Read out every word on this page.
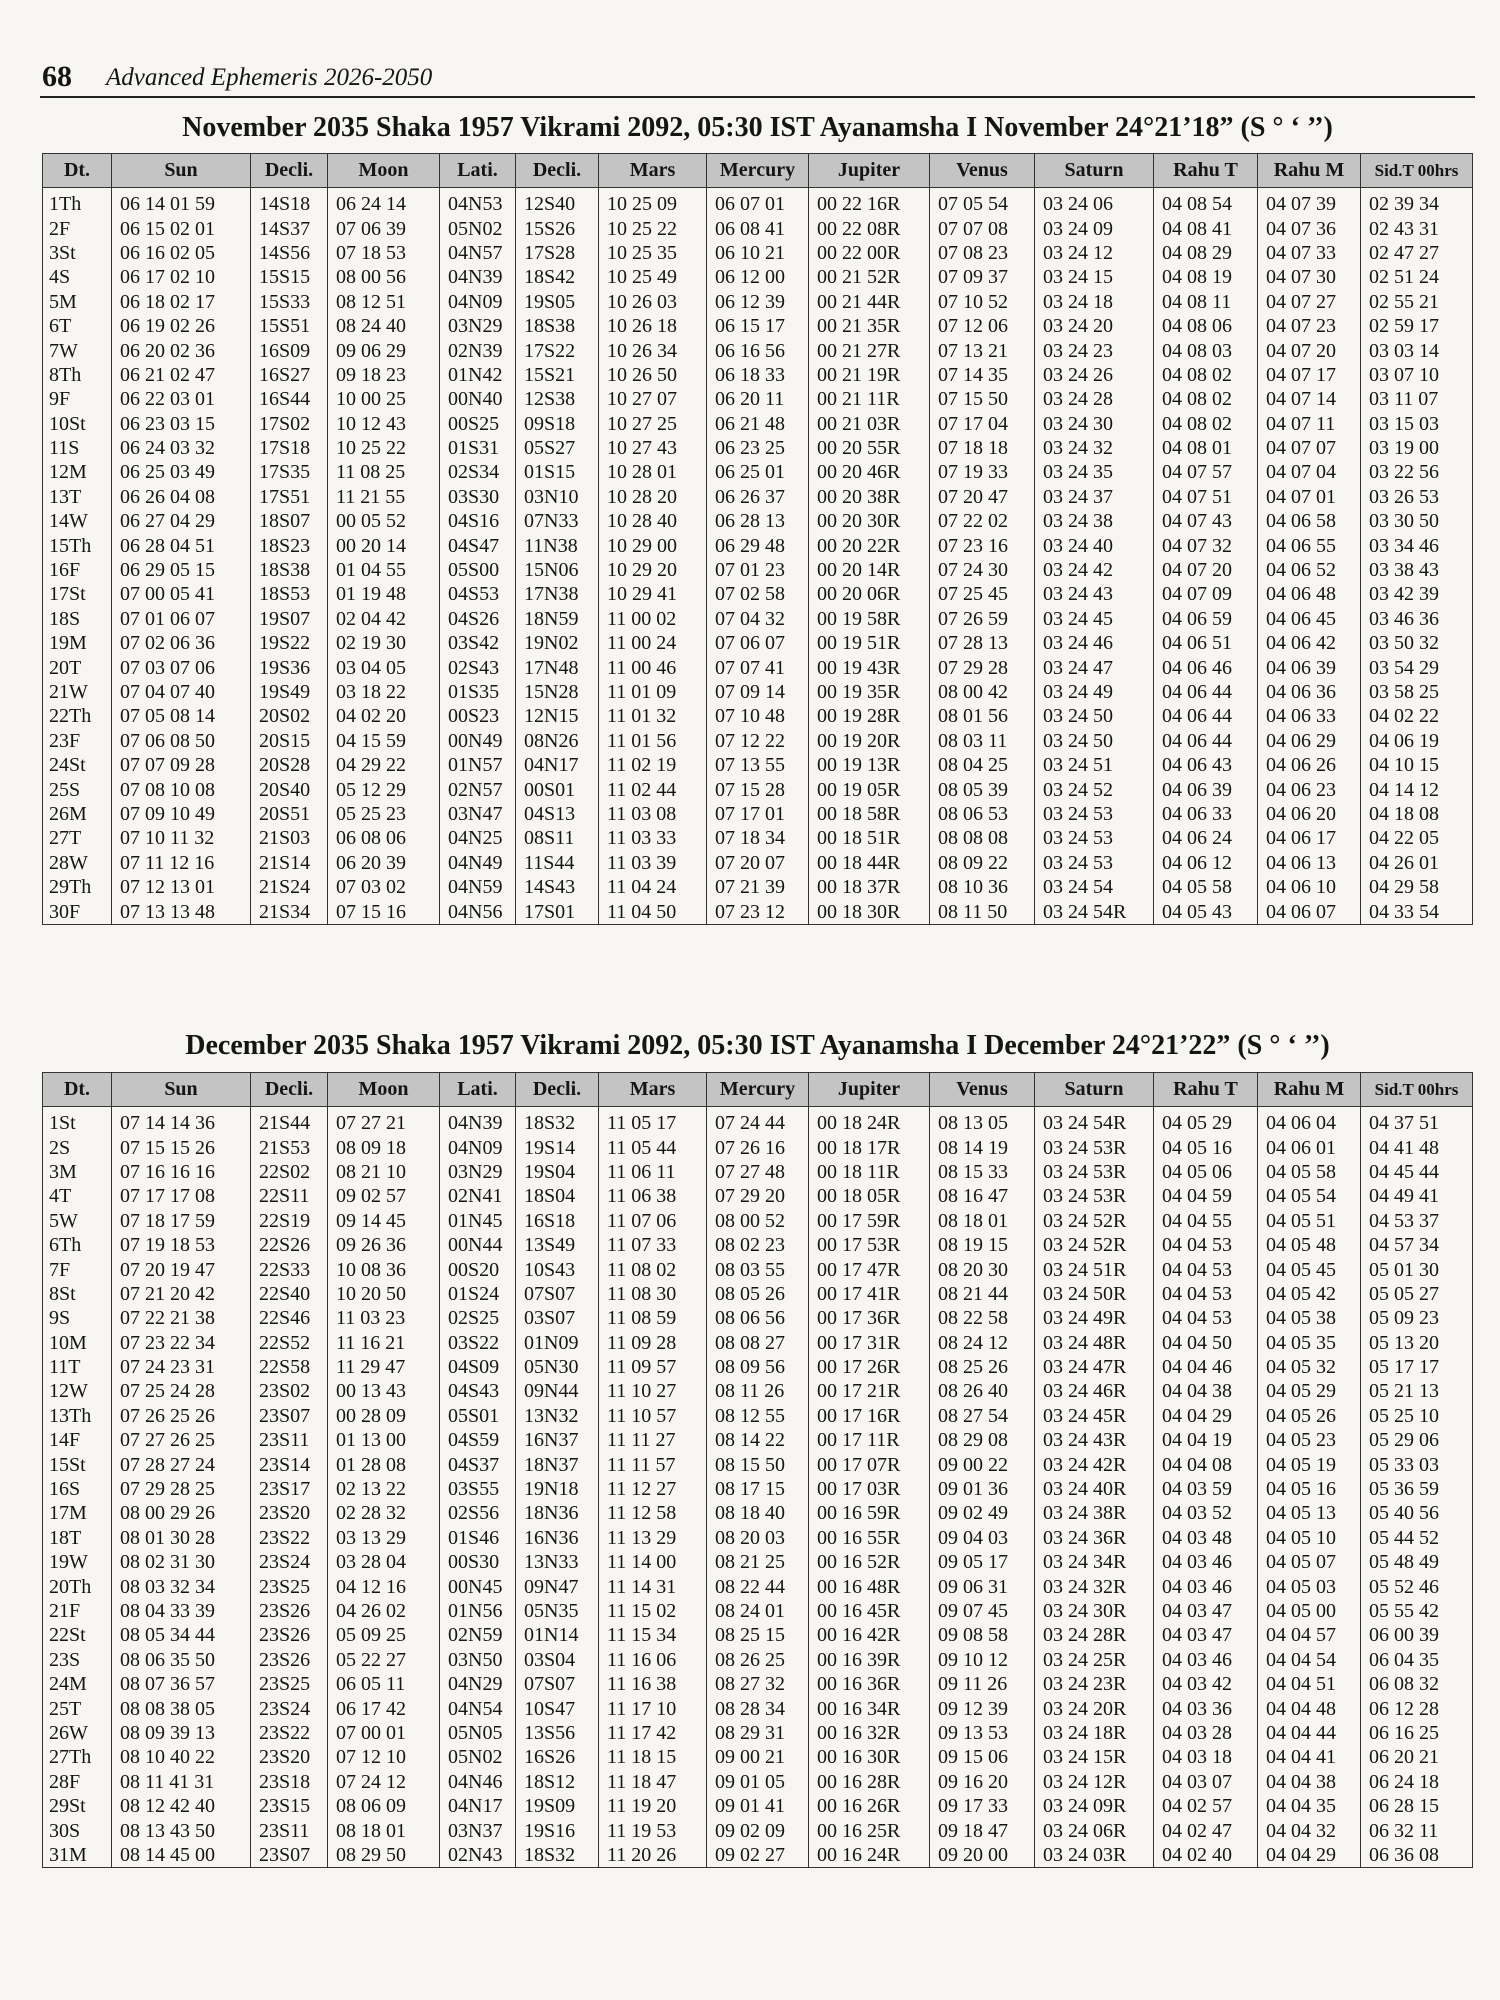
68 Advanced Ephemeris 2026-2050
November 2035 Shaka 1957 Vikrami 2092, 05:30 IST Ayanamsha I November 24°21’18” (S ° ‘ ’’)
Dt.	Sun	Decli.	Moon	Lati.	Decli.	Mars	Mercury	Jupiter	Venus	Saturn	Rahu T	Rahu M	Sid.T 00hrs
1Th	06 14 01 59	14S18	06 24 14	04N53	12S40	10 25 09	06 07 01	00 22 16R	07 05 54	03 24 06	04 08 54	04 07 39	02 39 34
2F	06 15 02 01	14S37	07 06 39	05N02	15S26	10 25 22	06 08 41	00 22 08R	07 07 08	03 24 09	04 08 41	04 07 36	02 43 31
3St	06 16 02 05	14S56	07 18 53	04N57	17S28	10 25 35	06 10 21	00 22 00R	07 08 23	03 24 12	04 08 29	04 07 33	02 47 27
4S	06 17 02 10	15S15	08 00 56	04N39	18S42	10 25 49	06 12 00	00 21 52R	07 09 37	03 24 15	04 08 19	04 07 30	02 51 24
5M	06 18 02 17	15S33	08 12 51	04N09	19S05	10 26 03	06 12 39	00 21 44R	07 10 52	03 24 18	04 08 11	04 07 27	02 55 21
6T	06 19 02 26	15S51	08 24 40	03N29	18S38	10 26 18	06 15 17	00 21 35R	07 12 06	03 24 20	04 08 06	04 07 23	02 59 17
7W	06 20 02 36	16S09	09 06 29	02N39	17S22	10 26 34	06 16 56	00 21 27R	07 13 21	03 24 23	04 08 03	04 07 20	03 03 14
8Th	06 21 02 47	16S27	09 18 23	01N42	15S21	10 26 50	06 18 33	00 21 19R	07 14 35	03 24 26	04 08 02	04 07 17	03 07 10
9F	06 22 03 01	16S44	10 00 25	00N40	12S38	10 27 07	06 20 11	00 21 11R	07 15 50	03 24 28	04 08 02	04 07 14	03 11 07
10St	06 23 03 15	17S02	10 12 43	00S25	09S18	10 27 25	06 21 48	00 21 03R	07 17 04	03 24 30	04 08 02	04 07 11	03 15 03
11S	06 24 03 32	17S18	10 25 22	01S31	05S27	10 27 43	06 23 25	00 20 55R	07 18 18	03 24 32	04 08 01	04 07 07	03 19 00
12M	06 25 03 49	17S35	11 08 25	02S34	01S15	10 28 01	06 25 01	00 20 46R	07 19 33	03 24 35	04 07 57	04 07 04	03 22 56
13T	06 26 04 08	17S51	11 21 55	03S30	03N10	10 28 20	06 26 37	00 20 38R	07 20 47	03 24 37	04 07 51	04 07 01	03 26 53
14W	06 27 04 29	18S07	00 05 52	04S16	07N33	10 28 40	06 28 13	00 20 30R	07 22 02	03 24 38	04 07 43	04 06 58	03 30 50
15Th	06 28 04 51	18S23	00 20 14	04S47	11N38	10 29 00	06 29 48	00 20 22R	07 23 16	03 24 40	04 07 32	04 06 55	03 34 46
16F	06 29 05 15	18S38	01 04 55	05S00	15N06	10 29 20	07 01 23	00 20 14R	07 24 30	03 24 42	04 07 20	04 06 52	03 38 43
17St	07 00 05 41	18S53	01 19 48	04S53	17N38	10 29 41	07 02 58	00 20 06R	07 25 45	03 24 43	04 07 09	04 06 48	03 42 39
18S	07 01 06 07	19S07	02 04 42	04S26	18N59	11 00 02	07 04 32	00 19 58R	07 26 59	03 24 45	04 06 59	04 06 45	03 46 36
19M	07 02 06 36	19S22	02 19 30	03S42	19N02	11 00 24	07 06 07	00 19 51R	07 28 13	03 24 46	04 06 51	04 06 42	03 50 32
20T	07 03 07 06	19S36	03 04 05	02S43	17N48	11 00 46	07 07 41	00 19 43R	07 29 28	03 24 47	04 06 46	04 06 39	03 54 29
21W	07 04 07 40	19S49	03 18 22	01S35	15N28	11 01 09	07 09 14	00 19 35R	08 00 42	03 24 49	04 06 44	04 06 36	03 58 25
22Th	07 05 08 14	20S02	04 02 20	00S23	12N15	11 01 32	07 10 48	00 19 28R	08 01 56	03 24 50	04 06 44	04 06 33	04 02 22
23F	07 06 08 50	20S15	04 15 59	00N49	08N26	11 01 56	07 12 22	00 19 20R	08 03 11	03 24 50	04 06 44	04 06 29	04 06 19
24St	07 07 09 28	20S28	04 29 22	01N57	04N17	11 02 19	07 13 55	00 19 13R	08 04 25	03 24 51	04 06 43	04 06 26	04 10 15
25S	07 08 10 08	20S40	05 12 29	02N57	00S01	11 02 44	07 15 28	00 19 05R	08 05 39	03 24 52	04 06 39	04 06 23	04 14 12
26M	07 09 10 49	20S51	05 25 23	03N47	04S13	11 03 08	07 17 01	00 18 58R	08 06 53	03 24 53	04 06 33	04 06 20	04 18 08
27T	07 10 11 32	21S03	06 08 06	04N25	08S11	11 03 33	07 18 34	00 18 51R	08 08 08	03 24 53	04 06 24	04 06 17	04 22 05
28W	07 11 12 16	21S14	06 20 39	04N49	11S44	11 03 39	07 20 07	00 18 44R	08 09 22	03 24 53	04 06 12	04 06 13	04 26 01
29Th	07 12 13 01	21S24	07 03 02	04N59	14S43	11 04 24	07 21 39	00 18 37R	08 10 36	03 24 54	04 05 58	04 06 10	04 29 58
30F	07 13 13 48	21S34	07 15 16	04N56	17S01	11 04 50	07 23 12	00 18 30R	08 11 50	03 24 54R	04 05 43	04 06 07	04 33 54
December 2035 Shaka 1957 Vikrami 2092, 05:30 IST Ayanamsha I December 24°21’22” (S ° ‘ ’’)
Dt.	Sun	Decli.	Moon	Lati.	Decli.	Mars	Mercury	Jupiter	Venus	Saturn	Rahu T	Rahu M	Sid.T 00hrs
1St	07 14 14 36	21S44	07 27 21	04N39	18S32	11 05 17	07 24 44	00 18 24R	08 13 05	03 24 54R	04 05 29	04 06 04	04 37 51
2S	07 15 15 26	21S53	08 09 18	04N09	19S14	11 05 44	07 26 16	00 18 17R	08 14 19	03 24 53R	04 05 16	04 06 01	04 41 48
3M	07 16 16 16	22S02	08 21 10	03N29	19S04	11 06 11	07 27 48	00 18 11R	08 15 33	03 24 53R	04 05 06	04 05 58	04 45 44
4T	07 17 17 08	22S11	09 02 57	02N41	18S04	11 06 38	07 29 20	00 18 05R	08 16 47	03 24 53R	04 04 59	04 05 54	04 49 41
5W	07 18 17 59	22S19	09 14 45	01N45	16S18	11 07 06	08 00 52	00 17 59R	08 18 01	03 24 52R	04 04 55	04 05 51	04 53 37
6Th	07 19 18 53	22S26	09 26 36	00N44	13S49	11 07 33	08 02 23	00 17 53R	08 19 15	03 24 52R	04 04 53	04 05 48	04 57 34
7F	07 20 19 47	22S33	10 08 36	00S20	10S43	11 08 02	08 03 55	00 17 47R	08 20 30	03 24 51R	04 04 53	04 05 45	05 01 30
8St	07 21 20 42	22S40	10 20 50	01S24	07S07	11 08 30	08 05 26	00 17 41R	08 21 44	03 24 50R	04 04 53	04 05 42	05 05 27
9S	07 22 21 38	22S46	11 03 23	02S25	03S07	11 08 59	08 06 56	00 17 36R	08 22 58	03 24 49R	04 04 53	04 05 38	05 09 23
10M	07 23 22 34	22S52	11 16 21	03S22	01N09	11 09 28	08 08 27	00 17 31R	08 24 12	03 24 48R	04 04 50	04 05 35	05 13 20
11T	07 24 23 31	22S58	11 29 47	04S09	05N30	11 09 57	08 09 56	00 17 26R	08 25 26	03 24 47R	04 04 46	04 05 32	05 17 17
12W	07 25 24 28	23S02	00 13 43	04S43	09N44	11 10 27	08 11 26	00 17 21R	08 26 40	03 24 46R	04 04 38	04 05 29	05 21 13
13Th	07 26 25 26	23S07	00 28 09	05S01	13N32	11 10 57	08 12 55	00 17 16R	08 27 54	03 24 45R	04 04 29	04 05 26	05 25 10
14F	07 27 26 25	23S11	01 13 00	04S59	16N37	11 11 27	08 14 22	00 17 11R	08 29 08	03 24 43R	04 04 19	04 05 23	05 29 06
15St	07 28 27 24	23S14	01 28 08	04S37	18N37	11 11 57	08 15 50	00 17 07R	09 00 22	03 24 42R	04 04 08	04 05 19	05 33 03
16S	07 29 28 25	23S17	02 13 22	03S55	19N18	11 12 27	08 17 15	00 17 03R	09 01 36	03 24 40R	04 03 59	04 05 16	05 36 59
17M	08 00 29 26	23S20	02 28 32	02S56	18N36	11 12 58	08 18 40	00 16 59R	09 02 49	03 24 38R	04 03 52	04 05 13	05 40 56
18T	08 01 30 28	23S22	03 13 29	01S46	16N36	11 13 29	08 20 03	00 16 55R	09 04 03	03 24 36R	04 03 48	04 05 10	05 44 52
19W	08 02 31 30	23S24	03 28 04	00S30	13N33	11 14 00	08 21 25	00 16 52R	09 05 17	03 24 34R	04 03 46	04 05 07	05 48 49
20Th	08 03 32 34	23S25	04 12 16	00N45	09N47	11 14 31	08 22 44	00 16 48R	09 06 31	03 24 32R	04 03 46	04 05 03	05 52 46
21F	08 04 33 39	23S26	04 26 02	01N56	05N35	11 15 02	08 24 01	00 16 45R	09 07 45	03 24 30R	04 03 47	04 05 00	05 55 42
22St	08 05 34 44	23S26	05 09 25	02N59	01N14	11 15 34	08 25 15	00 16 42R	09 08 58	03 24 28R	04 03 47	04 04 57	06 00 39
23S	08 06 35 50	23S26	05 22 27	03N50	03S04	11 16 06	08 26 25	00 16 39R	09 10 12	03 24 25R	04 03 46	04 04 54	06 04 35
24M	08 07 36 57	23S25	06 05 11	04N29	07S07	11 16 38	08 27 32	00 16 36R	09 11 26	03 24 23R	04 03 42	04 04 51	06 08 32
25T	08 08 38 05	23S24	06 17 42	04N54	10S47	11 17 10	08 28 34	00 16 34R	09 12 39	03 24 20R	04 03 36	04 04 48	06 12 28
26W	08 09 39 13	23S22	07 00 01	05N05	13S56	11 17 42	08 29 31	00 16 32R	09 13 53	03 24 18R	04 03 28	04 04 44	06 16 25
27Th	08 10 40 22	23S20	07 12 10	05N02	16S26	11 18 15	09 00 21	00 16 30R	09 15 06	03 24 15R	04 03 18	04 04 41	06 20 21
28F	08 11 41 31	23S18	07 24 12	04N46	18S12	11 18 47	09 01 05	00 16 28R	09 16 20	03 24 12R	04 03 07	04 04 38	06 24 18
29St	08 12 42 40	23S15	08 06 09	04N17	19S09	11 19 20	09 01 41	00 16 26R	09 17 33	03 24 09R	04 02 57	04 04 35	06 28 15
30S	08 13 43 50	23S11	08 18 01	03N37	19S16	11 19 53	09 02 09	00 16 25R	09 18 47	03 24 06R	04 02 47	04 04 32	06 32 11
31M	08 14 45 00	23S07	08 29 50	02N43	18S32	11 20 26	09 02 27	00 16 24R	09 20 00	03 24 03R	04 02 40	04 04 29	06 36 08
